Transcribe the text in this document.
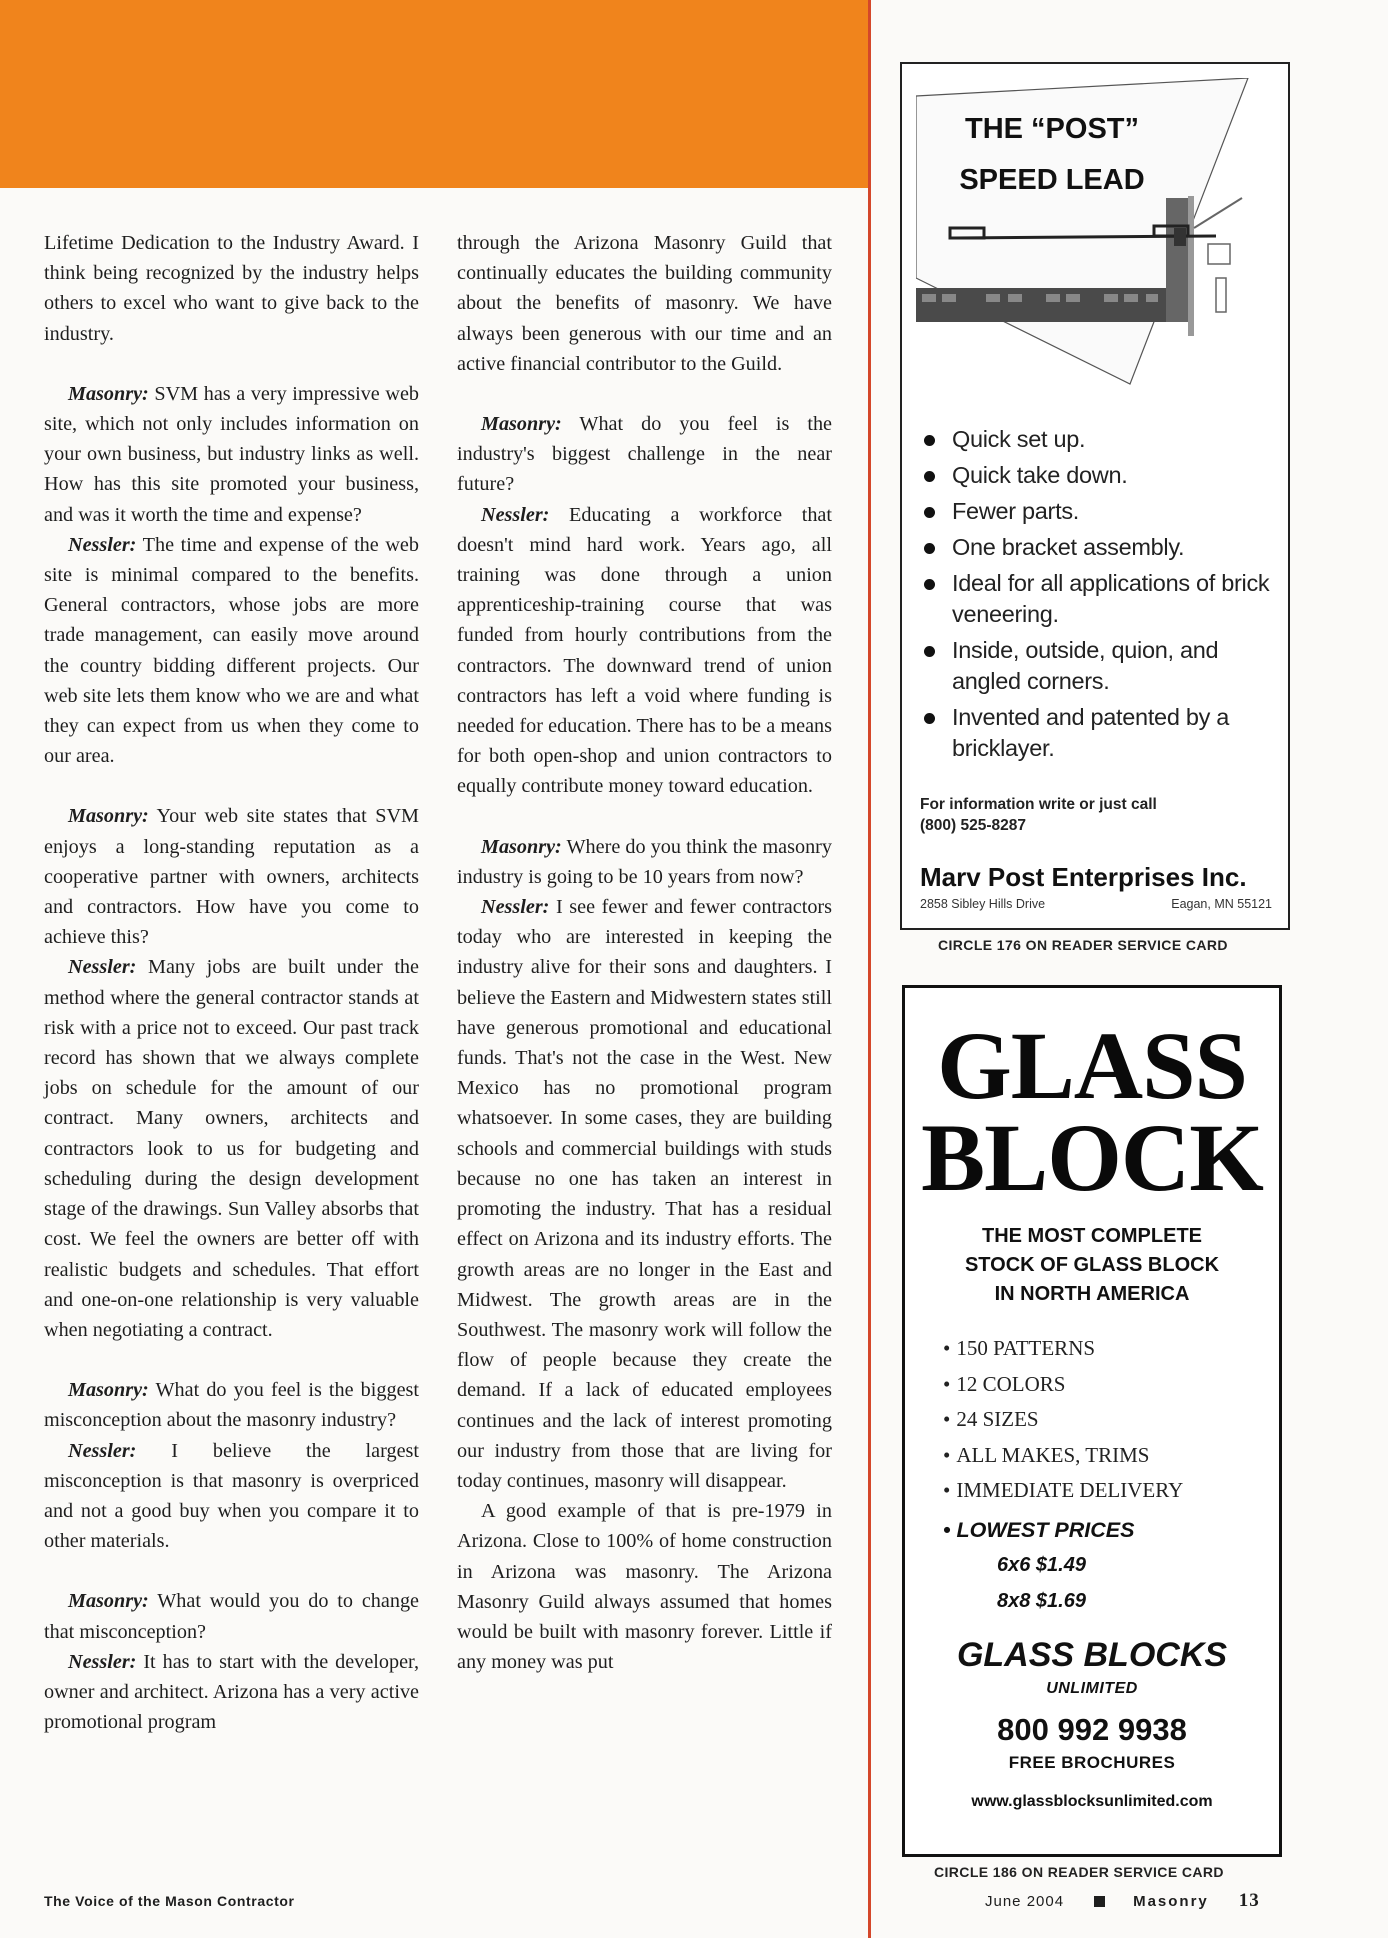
Lifetime Dedication to the Industry Award. I think being recognized by the industry helps others to excel who want to give back to the industry.

Masonry: SVM has a very impressive web site, which not only includes information on your own business, but industry links as well. How has this site promoted your business, and was it worth the time and expense?

Nessler: The time and expense of the web site is minimal compared to the benefits. General contractors, whose jobs are more trade management, can easily move around the country bidding different projects. Our web site lets them know who we are and what they can expect from us when they come to our area.

Masonry: Your web site states that SVM enjoys a long-standing reputation as a cooperative partner with owners, architects and contractors. How have you come to achieve this?

Nessler: Many jobs are built under the method where the general contractor stands at risk with a price not to exceed. Our past track record has shown that we always complete jobs on schedule for the amount of our contract. Many owners, architects and contractors look to us for budgeting and scheduling during the design development stage of the drawings. Sun Valley absorbs that cost. We feel the owners are better off with realistic budgets and schedules. That effort and one-on-one relationship is very valuable when negotiating a contract.

Masonry: What do you feel is the biggest misconception about the masonry industry?

Nessler: I believe the largest misconception is that masonry is overpriced and not a good buy when you compare it to other materials.

Masonry: What would you do to change that misconception?

Nessler: It has to start with the developer, owner and architect. Arizona has a very active promotional program

through the Arizona Masonry Guild that continually educates the building community about the benefits of masonry. We have always been generous with our time and an active financial contributor to the Guild.

Masonry: What do you feel is the industry's biggest challenge in the near future?

Nessler: Educating a workforce that doesn't mind hard work. Years ago, all training was done through a union apprenticeship-training course that was funded from hourly contributions from the contractors. The downward trend of union contractors has left a void where funding is needed for education. There has to be a means for both open-shop and union contractors to equally contribute money toward education.

Masonry: Where do you think the masonry industry is going to be 10 years from now?

Nessler: I see fewer and fewer contractors today who are interested in keeping the industry alive for their sons and daughters. I believe the Eastern and Midwestern states still have generous promotional and educational funds. That's not the case in the West. New Mexico has no promotional program whatsoever. In some cases, they are building schools and commercial buildings with studs because no one has taken an interest in promoting the industry. That has a residual effect on Arizona and its industry efforts. The growth areas are no longer in the East and Midwest. The growth areas are in the Southwest. The masonry work will follow the flow of people because they create the demand. If a lack of educated employees continues and the lack of interest promoting our industry from those that are living for today continues, masonry will disappear.

A good example of that is pre-1979 in Arizona. Close to 100% of home construction in Arizona was masonry. The Arizona Masonry Guild always assumed that homes would be built with masonry forever. Little if any money was put

THE “POST”
SPEED LEAD
Quick set up.
Quick take down.
Fewer parts.
One bracket assembly.
Ideal for all applications of brick veneering.
Inside, outside, quion, and angled corners.
Invented and patented by a bricklayer.
For information write or just call
(800) 525-8287
Marv Post Enterprises Inc.
2858 Sibley Hills Drive	Eagan, MN 55121
CIRCLE 176 ON READER SERVICE CARD
GLASS
BLOCK
THE MOST COMPLETE
STOCK OF GLASS BLOCK
IN NORTH AMERICA
• 150 PATTERNS
• 12 COLORS
• 24 SIZES
• ALL MAKES, TRIMS
• IMMEDIATE DELIVERY
• LOWEST PRICES
6x6 $1.49
8x8 $1.69
GLASS BLOCKS
UNLIMITED
800 992 9938
FREE BROCHURES
www.glassblocksunlimited.com
CIRCLE 186 ON READER SERVICE CARD
The Voice of the Mason Contractor	June 2004	Masonry 13
